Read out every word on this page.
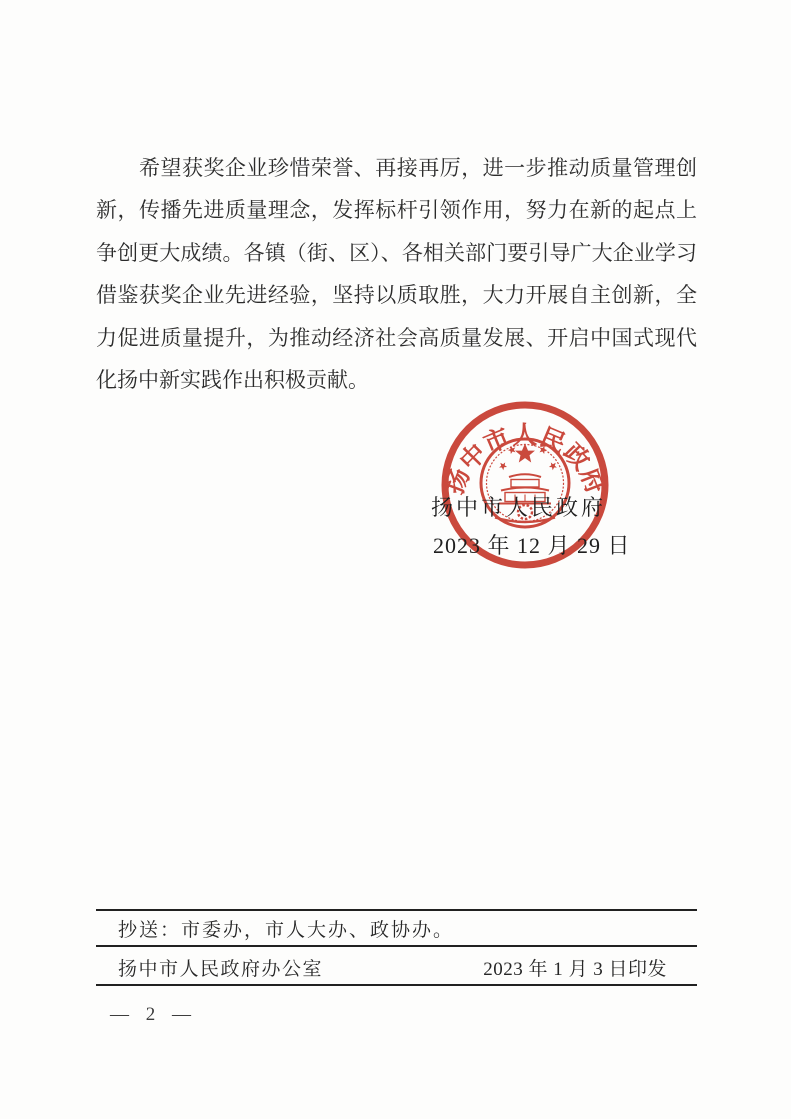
希望获奖企业珍惜荣誉、再接再厉，进一步推动质量管理创
新，传播先进质量理念，发挥标杆引领作用，努力在新的起点上
争创更大成绩。各镇（街、区）、各相关部门要引导广大企业学习
借鉴获奖企业先进经验，坚持以质取胜，大力开展自主创新，全
力促进质量提升，为推动经济社会高质量发展、开启中国式现代
化扬中新实践作出积极贡献。
扬中市人民政府
扬中市人民政府
2023 年 12 月 29 日
抄送：市委办，市人大办、政协办。
扬中市人民政府办公室	2023 年 1 月 3 日印发
— 2 —
